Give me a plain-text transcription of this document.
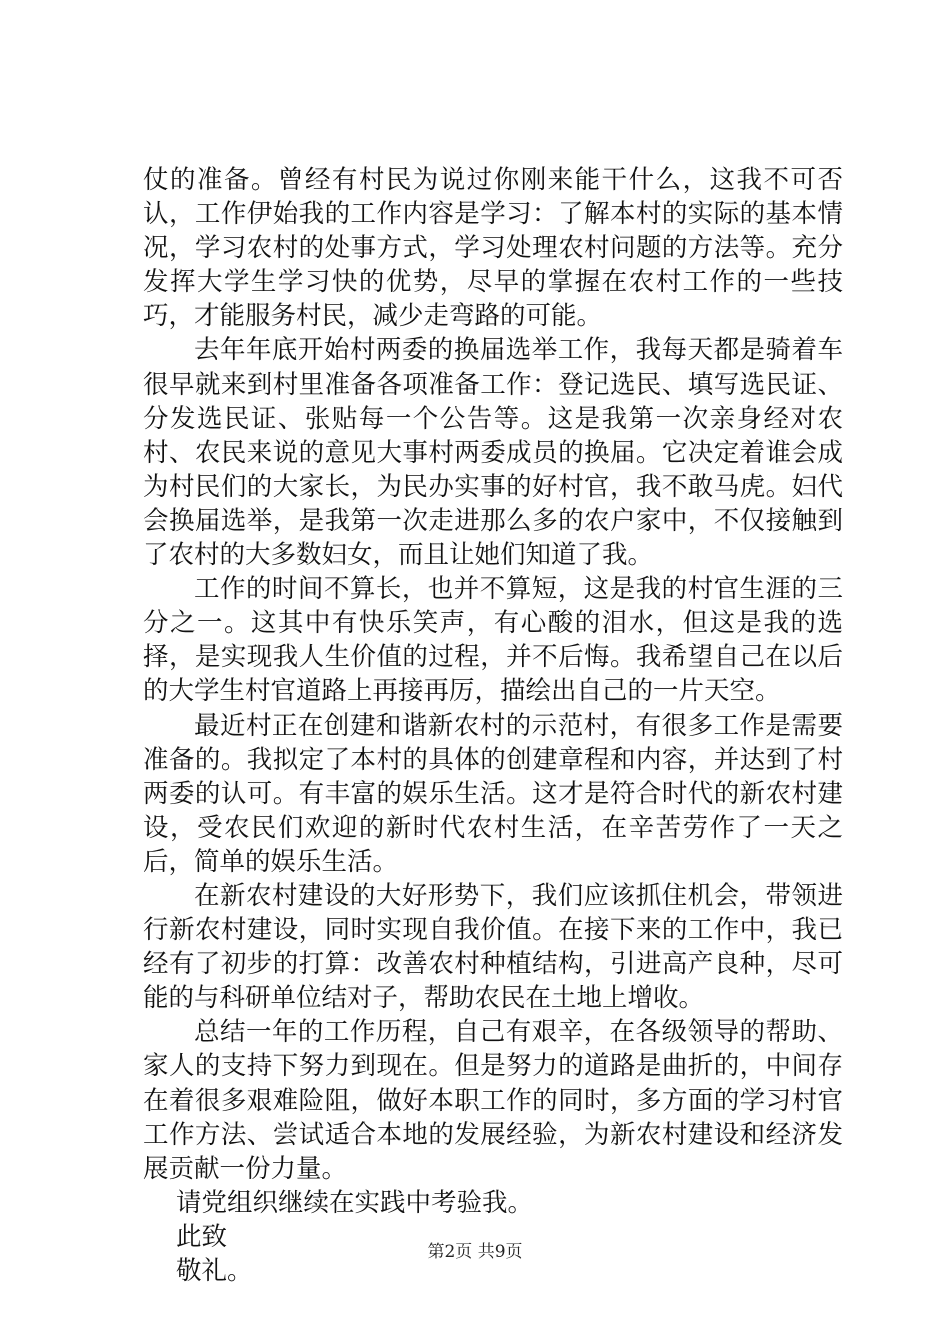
仗的准备。曾经有村民为说过你刚来能干什么，这我不可否认，工作伊始我的工作内容是学习：了解本村的实际的基本情况，学习农村的处事方式，学习处理农村问题的方法等。充分发挥大学生学习快的优势，尽早的掌握在农村工作的一些技巧，才能服务村民，减少走弯路的可能。

去年年底开始村两委的换届选举工作，我每天都是骑着车很早就来到村里准备各项准备工作：登记选民、填写选民证、分发选民证、张贴每一个公告等。这是我第一次亲身经对农村、农民来说的意见大事村两委成员的换届。它决定着谁会成为村民们的大家长，为民办实事的好村官，我不敢马虎。妇代会换届选举，是我第一次走进那么多的农户家中，不仅接触到了农村的大多数妇女，而且让她们知道了我。

工作的时间不算长，也并不算短，这是我的村官生涯的三分之一。这其中有快乐笑声，有心酸的泪水，但这是我的选择，是实现我人生价值的过程，并不后悔。我希望自己在以后的大学生村官道路上再接再厉，描绘出自己的一片天空。

最近村正在创建和谐新农村的示范村，有很多工作是需要准备的。我拟定了本村的具体的创建章程和内容，并达到了村两委的认可。有丰富的娱乐生活。这才是符合时代的新农村建设，受农民们欢迎的新时代农村生活，在辛苦劳作了一天之后，简单的娱乐生活。

在新农村建设的大好形势下，我们应该抓住机会，带领进行新农村建设，同时实现自我价值。在接下来的工作中，我已经有了初步的打算：改善农村种植结构，引进高产良种，尽可能的与科研单位结对子，帮助农民在土地上增收。

总结一年的工作历程，自己有艰辛，在各级领导的帮助、家人的支持下努力到现在。但是努力的道路是曲折的，中间存在着很多艰难险阻，做好本职工作的同时，多方面的学习村官工作方法、尝试适合本地的发展经验，为新农村建设和经济发展贡献一份力量。

请党组织继续在实践中考验我。

此致

敬礼。

第2页 共9页
